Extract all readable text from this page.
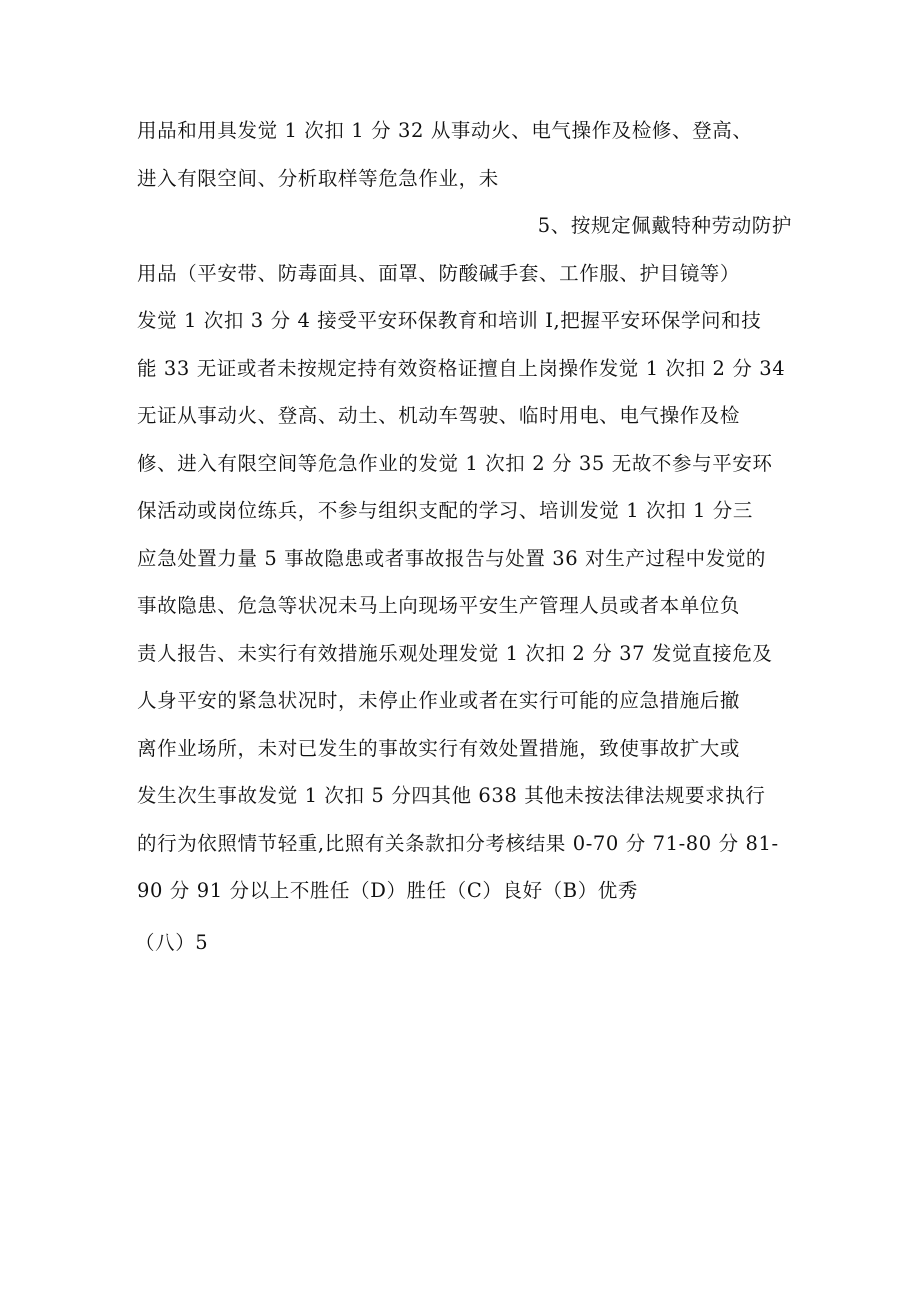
用品和用具发觉 1 次扣 1 分 32 从事动火、电气操作及检修、登高、
进入有限空间、分析取样等危急作业，未
5、按规定佩戴特种劳动防护
用品（平安带、防毒面具、面罩、防酸碱手套、工作服、护目镜等）
发觉 1 次扣 3 分 4 接受平安环保教育和培训 I,把握平安环保学问和技
能 33 无证或者未按规定持有效资格证擅自上岗操作发觉 1 次扣 2 分 34
无证从事动火、登高、动土、机动车驾驶、临时用电、电气操作及检
修、进入有限空间等危急作业的发觉 1 次扣 2 分 35 无故不参与平安环
保活动或岗位练兵，不参与组织支配的学习、培训发觉 1 次扣 1 分三
应急处置力量 5 事故隐患或者事故报告与处置 36 对生产过程中发觉的
事故隐患、危急等状况未马上向现场平安生产管理人员或者本单位负
责人报告、未实行有效措施乐观处理发觉 1 次扣 2 分 37 发觉直接危及
人身平安的紧急状况时，未停止作业或者在实行可能的应急措施后撤
离作业场所，未对已发生的事故实行有效处置措施，致使事故扩大或
发生次生事故发觉 1 次扣 5 分四其他 638 其他未按法律法规要求执行
的行为依照情节轻重,比照有关条款扣分考核结果 0-70 分 71-80 分 81-
90 分 91 分以上不胜任（D）胜任（C）良好（B）优秀
（八）5
